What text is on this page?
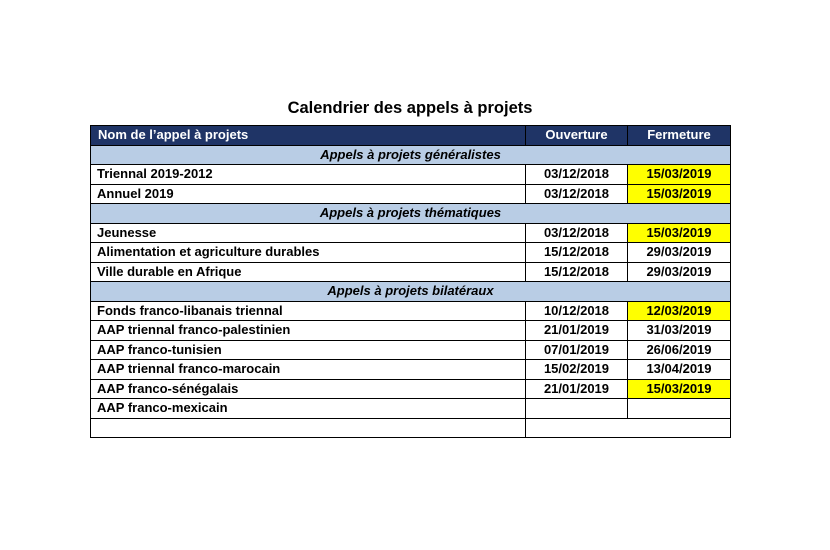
Calendrier des appels à projets
Nom de l’appel à projets	Ouverture	Fermeture
Appels à projets généralistes		
Triennal 2019-2012	03/12/2018	15/03/2019
Annuel 2019	03/12/2018	15/03/2019
Appels à projets thématiques		
Jeunesse	03/12/2018	15/03/2019
Alimentation et agriculture durables	15/12/2018	29/03/2019
Ville durable en Afrique	15/12/2018	29/03/2019
Appels à projets bilatéraux		
Fonds franco-libanais triennal	10/12/2018	12/03/2019
AAP triennal franco-palestinien	21/01/2019	31/03/2019
AAP franco-tunisien	07/01/2019	26/06/2019
AAP triennal franco-marocain	15/02/2019	13/04/2019
AAP franco-sénégalais	21/01/2019	15/03/2019
AAP franco-mexicain		
